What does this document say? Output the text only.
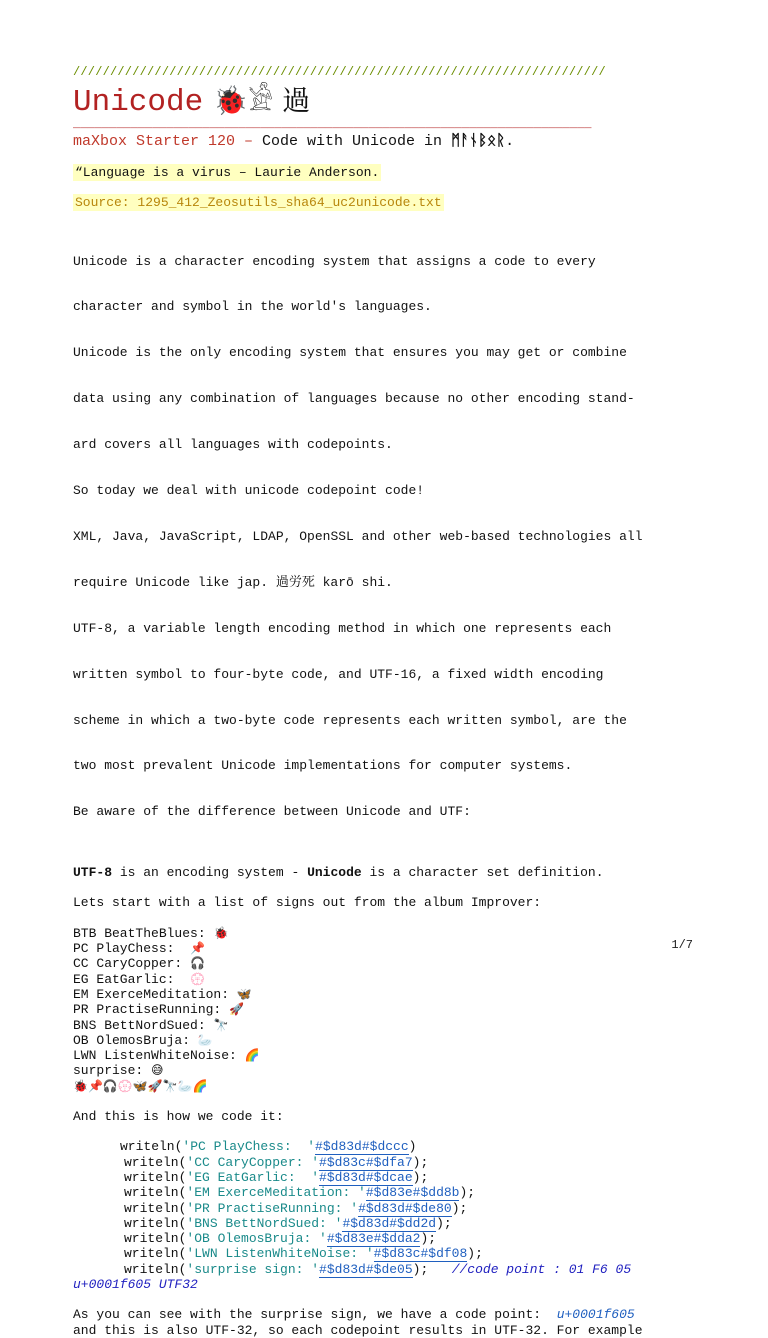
////////////////////////////////////////////////////////////////////////
Unicode 🐞𓀀 過
________________________________________________________________________
maXbox Starter 120 – Code with Unicode in ᛗᚨᚾᛒᛟᚱ.
“Language is a virus – Laurie Anderson.
Source: 1295_412_Zeosutils_sha64_uc2unicode.txt

Unicode is a character encoding system that assigns a code to every

character and symbol in the world's languages.

Unicode is the only encoding system that ensures you may get or combine

data using any combination of languages because no other encoding stand-

ard covers all languages with codepoints.

So today we deal with unicode codepoint code!

XML, Java, JavaScript, LDAP, OpenSSL and other web-based technologies all

require Unicode like jap. 過労死 karō shi.

UTF-8, a variable length encoding method in which one represents each

written symbol to four-byte code, and UTF-16, a fixed width encoding

scheme in which a two-byte code represents each written symbol, are the

two most prevalent Unicode implementations for computer systems.

Be aware of the difference between Unicode and UTF:

UTF-8 is an encoding system - Unicode is a character set definition.
Lets start with a list of signs out from the album Improver:
BTB BeatTheBlues: 🐞
PC PlayChess:  📌
CC CaryCopper: 🎧
EG EatGarlic:  💮
EM ExerceMeditation: 🦋
PR PractiseRunning: 🚀
BNS BettNordSued: 🔭
OB OlemosBruja: 🦢
LWN ListenWhiteNoise: 🌈
surprise: 😅
🐞📌🎧💮🦋🚀🔭🦢🌈
And this is how we code it:
writeln('PC PlayChess:  '#$d83d#$dccc)
writeln('CC CaryCopper: '#$d83c#$dfa7);
writeln('EG EatGarlic:  '#$d83d#$dcae);
writeln('EM ExerceMeditation: '#$d83e#$dd8b);
writeln('PR PractiseRunning: '#$d83d#$de80);
writeln('BNS BettNordSued: '#$d83d#$dd2d);
writeln('OB OlemosBruja: '#$d83e#$dda2);
writeln('LWN ListenWhiteNoise: '#$d83c#$df08);
writeln('surprise sign: '#$d83d#$de05); //code point : 01 F6 05
u+0001f605 UTF32
As you can see with the surprise sign, we have a code point:  u+0001f605
and this is also UTF-32, so each codepoint results in UTF-32. For example
1/7
